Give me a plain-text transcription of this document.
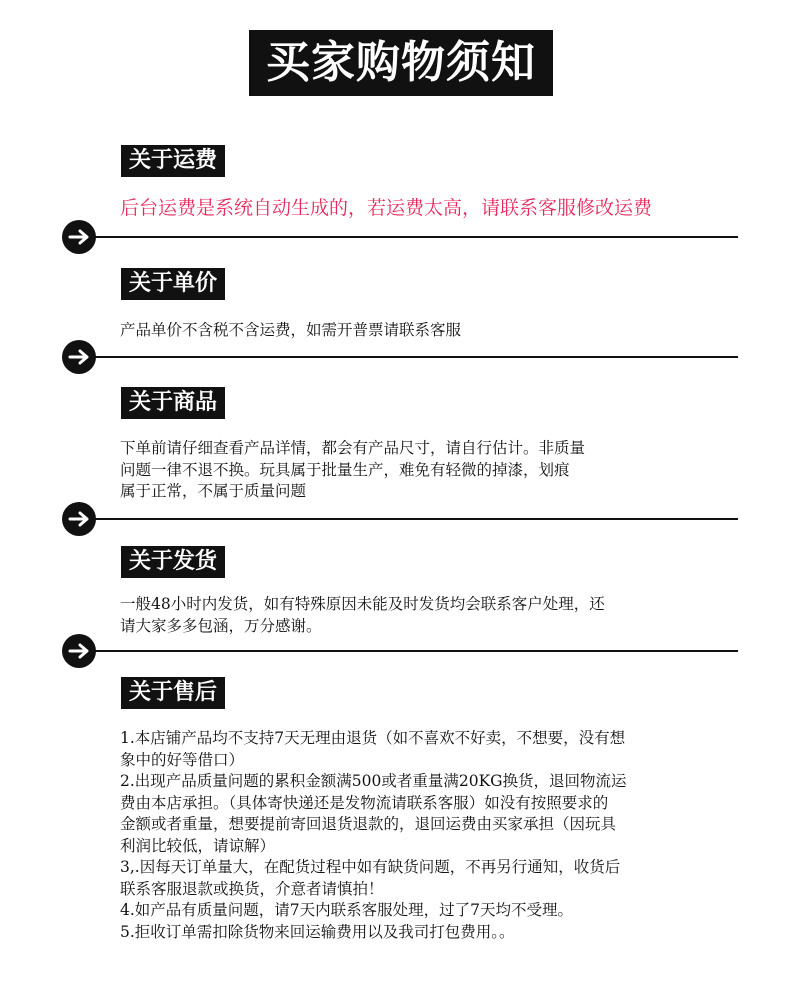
买家购物须知
关于运费
后台运费是系统自动生成的，若运费太高，请联系客服修改运费
关于单价
产品单价不含税不含运费，如需开普票请联系客服
关于商品
下单前请仔细查看产品详情，都会有产品尺寸，请自行估计。非质量
问题一律不退不换。玩具属于批量生产，难免有轻微的掉漆，划痕
属于正常，不属于质量问题
关于发货
一般48小时内发货，如有特殊原因未能及时发货均会联系客户处理，还
请大家多多包涵，万分感谢。
关于售后
1.本店铺产品均不支持7天无理由退货（如不喜欢不好卖，不想要，没有想
象中的好等借口）
2.出现产品质量问题的累积金额满500或者重量满20KG换货，退回物流运
费由本店承担。（具体寄快递还是发物流请联系客服）如没有按照要求的
金额或者重量，想要提前寄回退货退款的，退回运费由买家承担（因玩具
利润比较低，请谅解）
3,.因每天订单量大，在配货过程中如有缺货问题，不再另行通知，收货后
联系客服退款或换货，介意者请慎拍！
4.如产品有质量问题，请7天内联系客服处理，过了7天均不受理。
5.拒收订单需扣除货物来回运输费用以及我司打包费用。。
